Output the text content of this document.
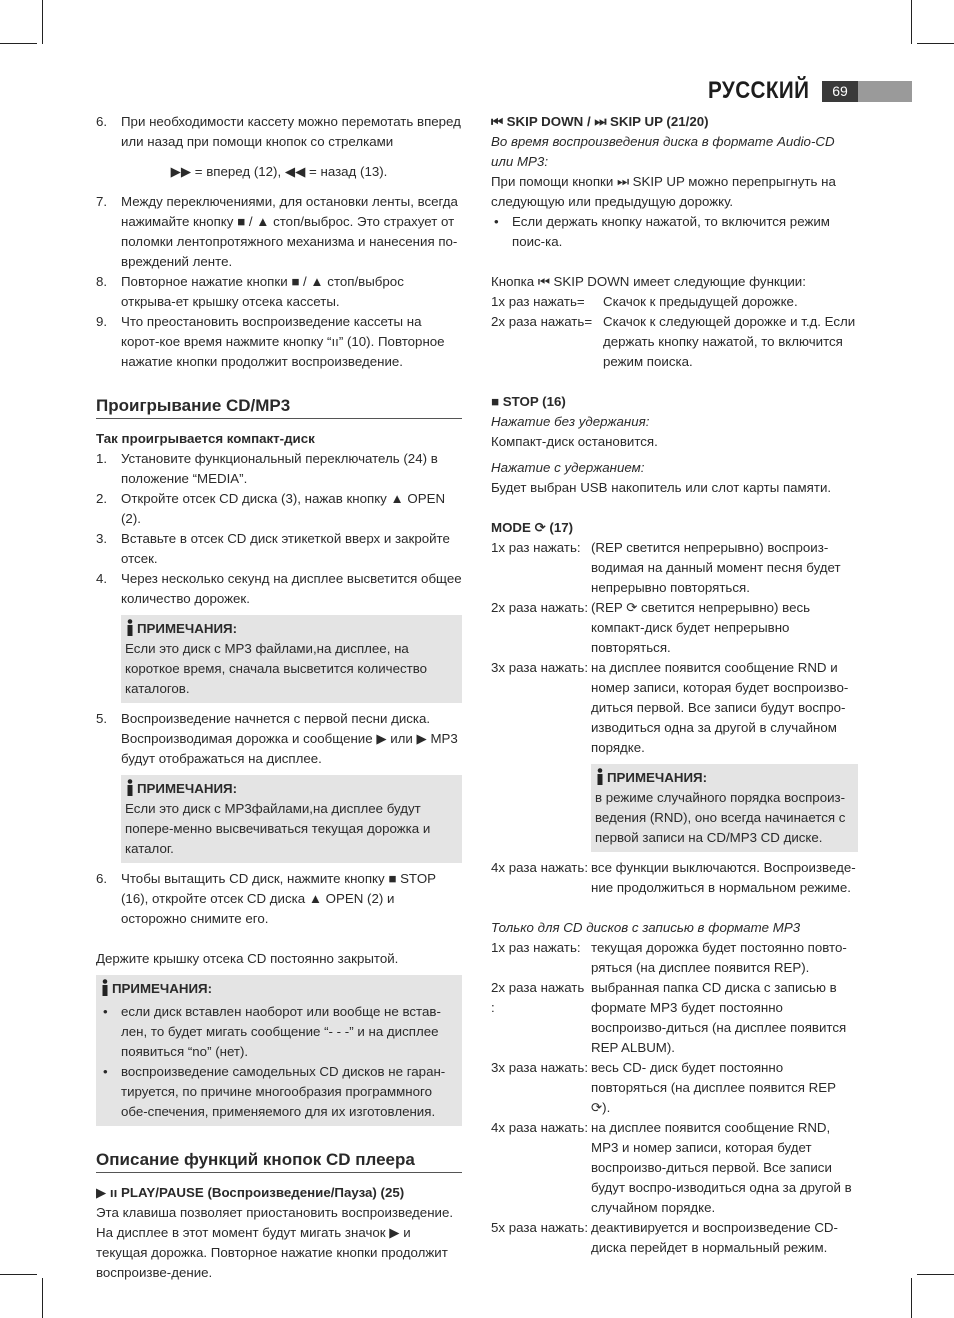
РУССКИЙ	69
6.	При необходимости кассету можно перемотать вперед или назад при помощи кнопок со стрелками
▶▶ = вперед (12), ◀◀ = назад (13).
7.	Между переключениями, для остановки ленты, всегда нажимайте кнопку ■ / ▲ стоп/выброс. Это страхует от поломки лентопротяжного механизма и нанесения по-вреждений ленте.
8.	Повторное нажатие кнопки ■ / ▲ стоп/выброс открыва-ет крышку отсека кассеты.
9.	Что преостановить воспроизведение кассеты на корот-кое время нажмите кнопку “ıı” (10). Повторное нажатие кнопки продолжит воспроизведение.
Проигрывание CD/MP3
Так проигрывается компакт-диск
1.	Установите функциональный переключатель (24) в положение “MEDIA”.
2.	Откройте отсек CD диска (3), нажав кнопку ▲ OPEN (2).
3.	Вставьте в отсек CD диск этикеткой вверх и закройте отсек.
4.	Через несколько секунд на дисплее высветится общее количество дорожек.
ПРИМЕЧАНИЯ:
Если это диск с MP3 файлами,на дисплее, на короткое время, сначала высветится количество каталогов.
5.	Воспроизведение начнется с первой песни диска. Воспроизводимая дорожка и сообщение ▶ или ▶ MP3 будут отображаться на дисплее.
ПРИМЕЧАНИЯ:
Если это диск с MP3файлами,на дисплее будут попере-менно высвечиваться текущая дорожка и каталог.
6.	Чтобы вытащить CD диск, нажмите кнопку ■ STOP (16), откройте отсек CD диска ▲ OPEN (2) и осторожно снимите его.
Держите крышку отсека CD постоянно закрытой.
ПРИМЕЧАНИЯ:
•	если диск вставлен наоборот или вообще не встав-лен, то будет мигать сообщение “- - -” и на дисплее появиться “no” (нет).
•	воспроизведение самодельных CD дисков не гаран-тируется, по причине многообразия программного обе-спечения, применяемого для их изготовления.
Описание функций кнопок CD плеера
▶ ıı PLAY/PAUSE (Воспроизведение/Пауза) (25)
Эта клавиша позволяет приостановить воспроизведение. На дисплее в этот момент будут мигать значок ▶ и текущая дорожка. Повторное нажатие кнопки продолжит воспроизве-дение.
⏮ SKIP DOWN / ⏭ SKIP UP (21/20)
Во время воспроизведения диска в формате Audio-CD или MP3:
При помощи кнопки ⏭ SKIP UP можно перепрыгнуть на следующую или предыдущую дорожку.
•	Если держать кнопку нажатой, то включится режим поис-ка.
Кнопка ⏮ SKIP DOWN имеет следующие функции:
1x раз нажать=	Скачок к предыдущей дорожке.
2x раза нажать= Скачок к следующей дорожке и т.д. Если держать кнопку нажатой, то включится режим поиска.
■ STOP (16)
Нажатие без удержания:
Компакт-диск остановится.
Нажатие с удержанием:
Будет выбран USB накопитель или слот карты памяти.
MODE ⟳ (17)
1x раз нажать: (REP светится непрерывно) воспроиз-водимая на данный момент песня будет непрерывно повторяться.
2x раза нажать: (REP ⟳ светится непрерывно) весь компакт-диск будет непрерывно повторяться.
3x раза нажать: на дисплее появится сообщение RND и номер записи, которая будет воспроизво-диться первой. Все записи будут воспро-изводиться одна за другой в случайном порядке.
ПРИМЕЧАНИЯ:
в режиме случайного порядка воспроиз-ведения (RND), оно всегда начинается с первой записи на CD/MP3 CD диске.
4x раза нажать: все функции выключаются. Воспроизведе-ние продолжиться в нормальном режиме.
Только для CD дисков с записью в формате MP3
1x раз нажать: текущая дорожка будет постоянно повто-ряться (на дисплее появится REP).
2x раза нажать :
выбранная папка CD диска с записью в формате MP3 будет постоянно воспроизво-диться (на дисплее появится REP ALBUM).
3x раза нажать: весь CD- диск будет постоянно повторяться (на дисплее появится REP ⟳).
4x раза нажать: на дисплее появится сообщение RND, MP3 и номер записи, которая будет воспроизво-диться первой. Все записи будут воспро-изводиться одна за другой в случайном порядке.
5x раза нажать: деактивируется и воспроизведение CD-диска перейдет в нормальный режим.
